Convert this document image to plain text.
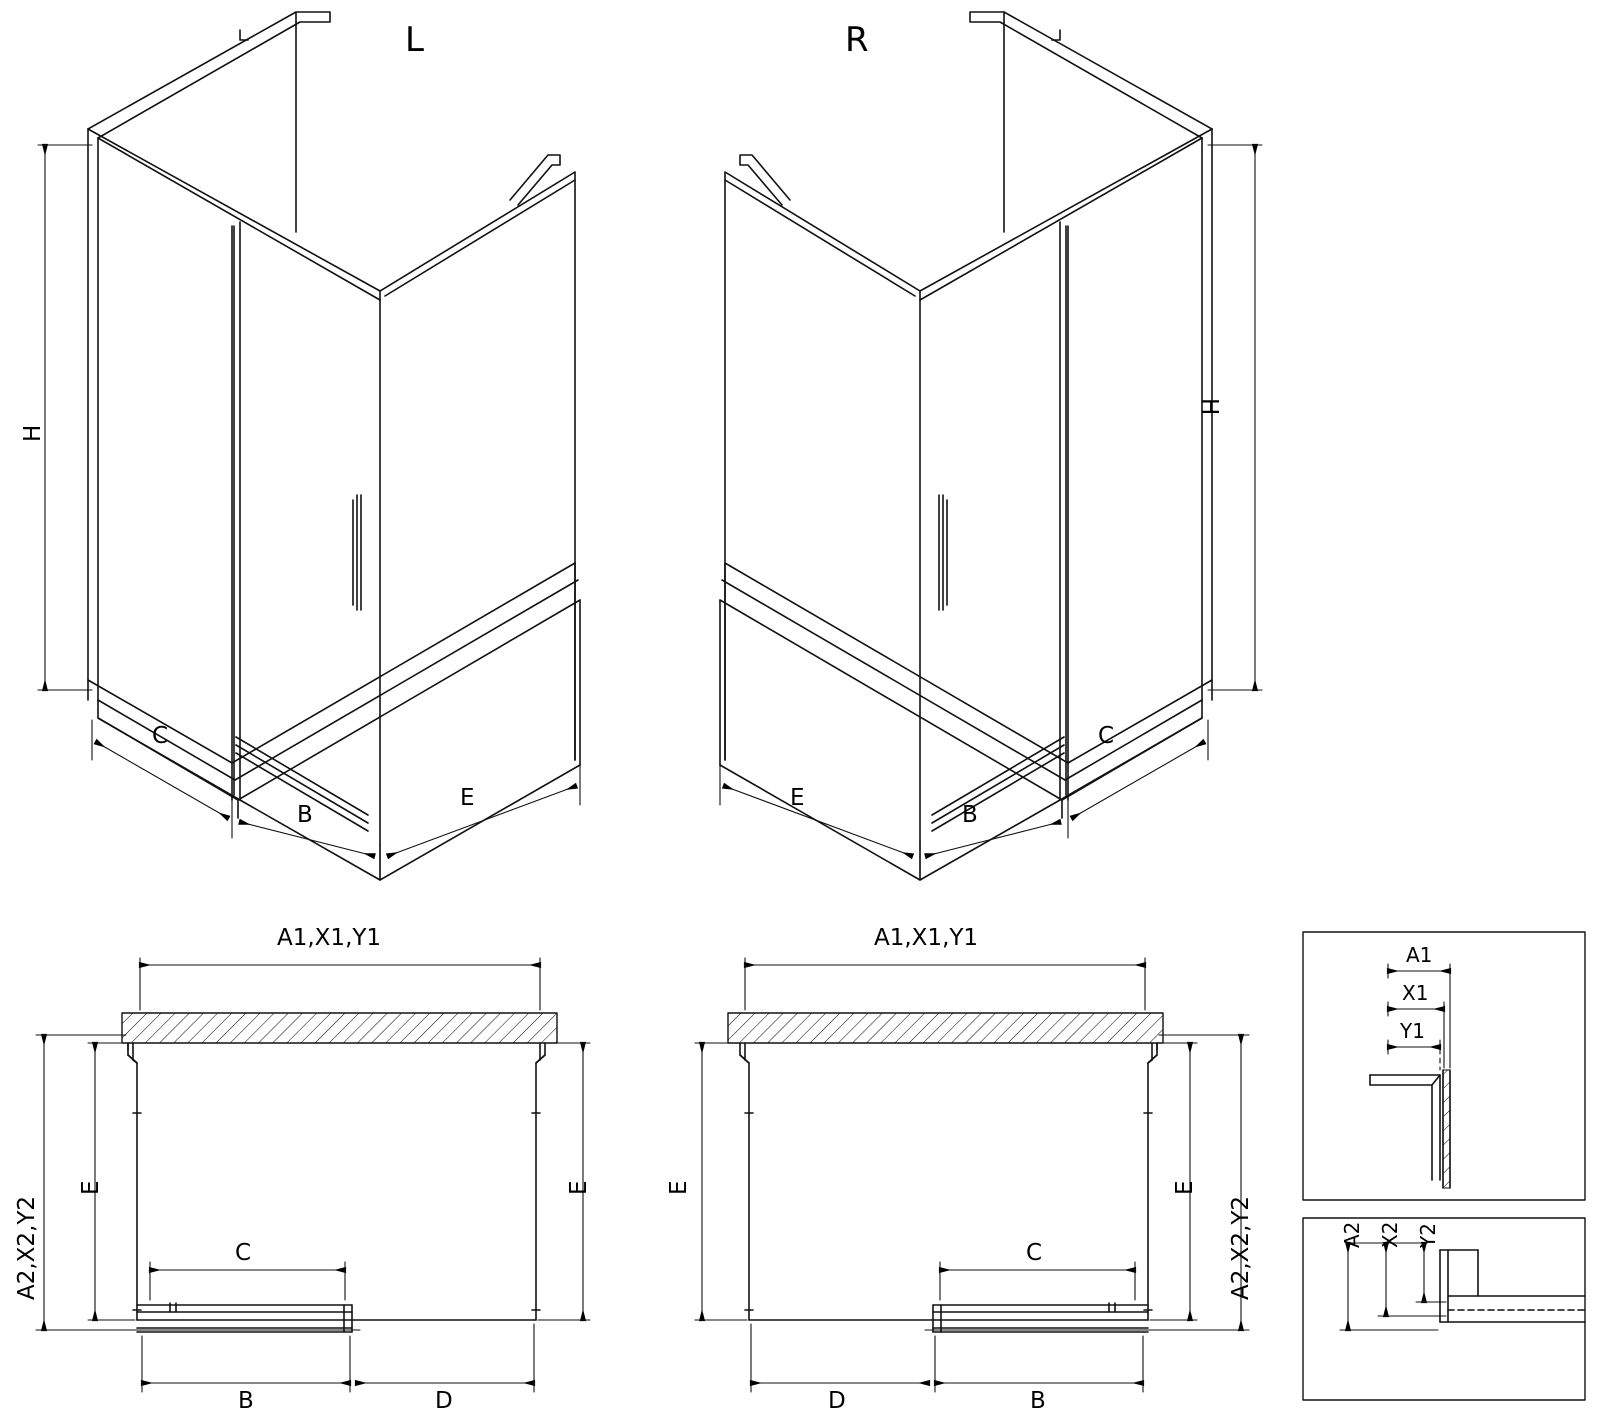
L
H
C
B
E
R
H
C
B
E
A1,X1,Y1
A2,X2,Y2
E	E
C
B	D
A1,X1,Y1
A2,X2,Y2
E	E
C
B
D
A1
X1
Y1
A2 X2 Y2
